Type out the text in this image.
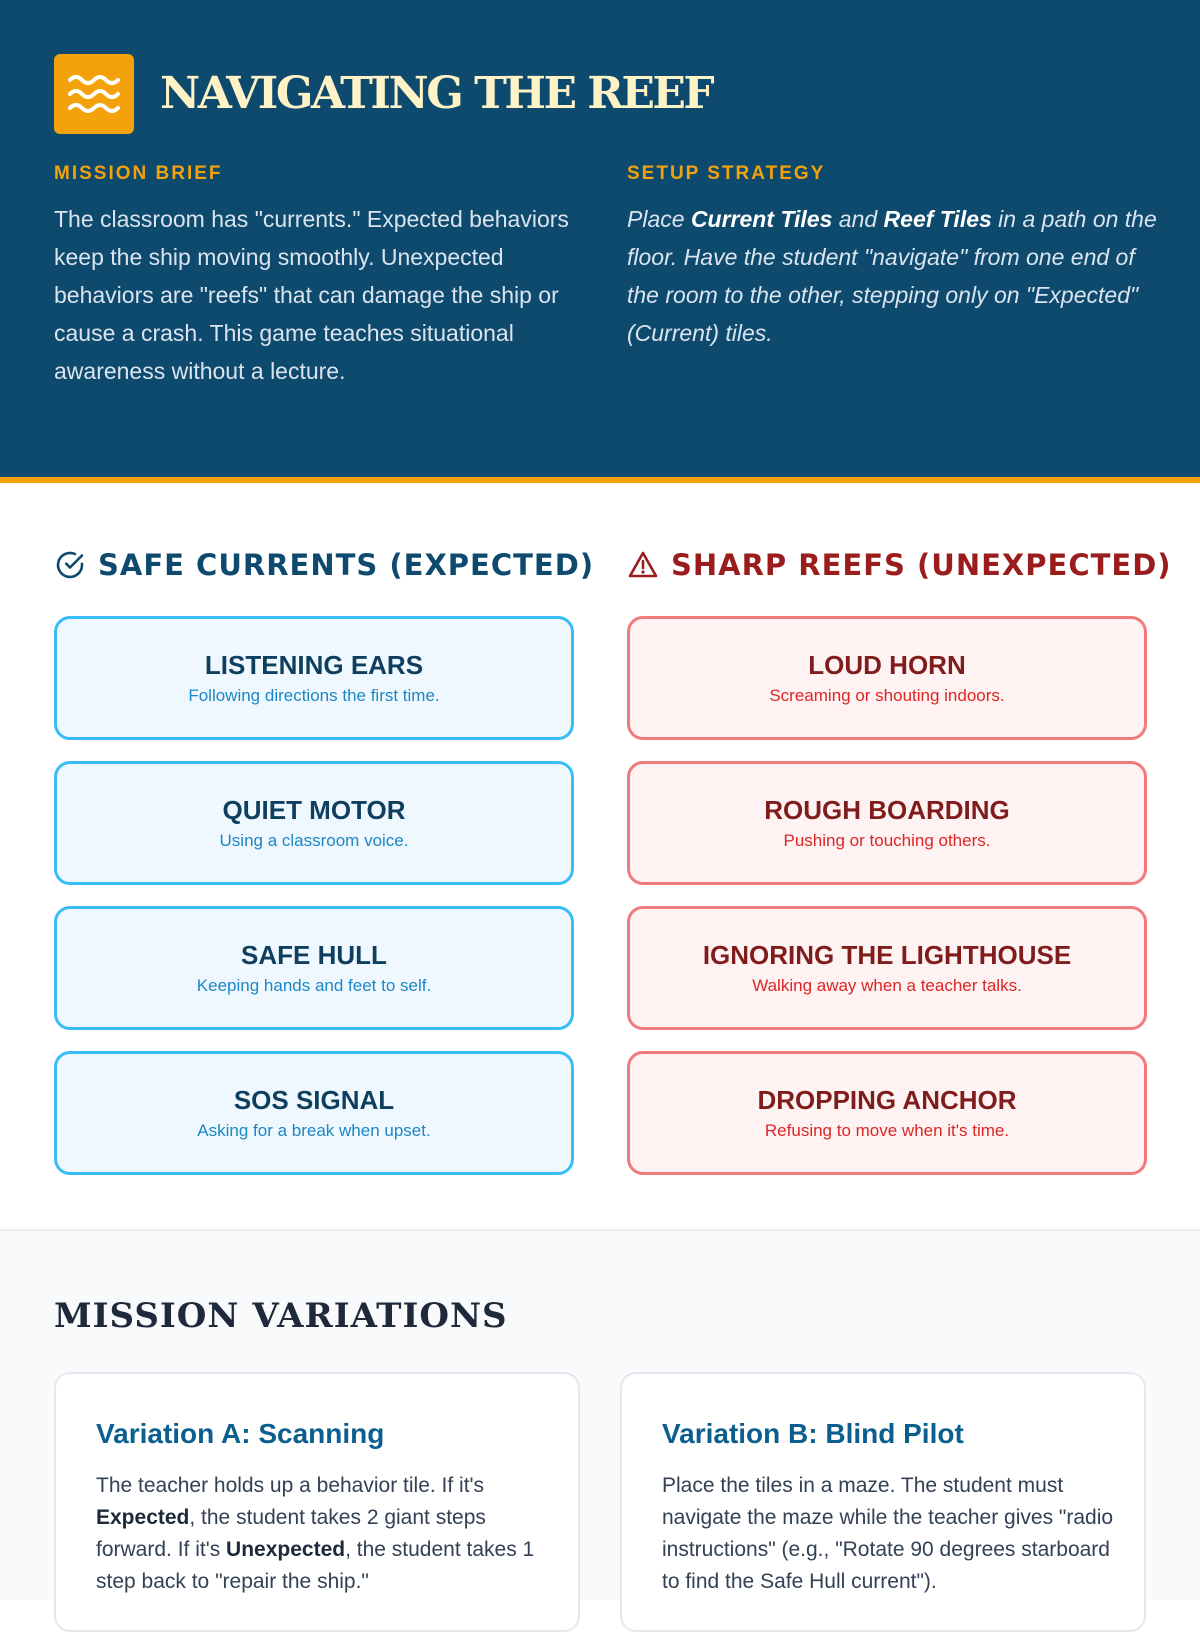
NAVIGATING THE REEF
MISSION BRIEF
The classroom has "currents." Expected behaviors keep the ship moving smoothly. Unexpected behaviors are "reefs" that can damage the ship or cause a crash. This game teaches situational awareness without a lecture.
SETUP STRATEGY
Place Current Tiles and Reef Tiles in a path on the floor. Have the student "navigate" from one end of the room to the other, stepping only on "Expected" (Current) tiles.
SAFE CURRENTS (EXPECTED)	SHARP REEFS (UNEXPECTED)
LISTENING EARS
Following directions the first time.
QUIET MOTOR
Using a classroom voice.
SAFE HULL
Keeping hands and feet to self.
SOS SIGNAL
Asking for a break when upset.
LOUD HORN
Screaming or shouting indoors.
ROUGH BOARDING
Pushing or touching others.
IGNORING THE LIGHTHOUSE
Walking away when a teacher talks.
DROPPING ANCHOR
Refusing to move when it's time.
MISSION VARIATIONS
Variation A: Scanning
The teacher holds up a behavior tile. If it's Expected, the student takes 2 giant steps forward. If it's Unexpected, the student takes 1 step back to "repair the ship."
Variation B: Blind Pilot
Place the tiles in a maze. The student must navigate the maze while the teacher gives "radio instructions" (e.g., "Rotate 90 degrees starboard to find the Safe Hull current").
